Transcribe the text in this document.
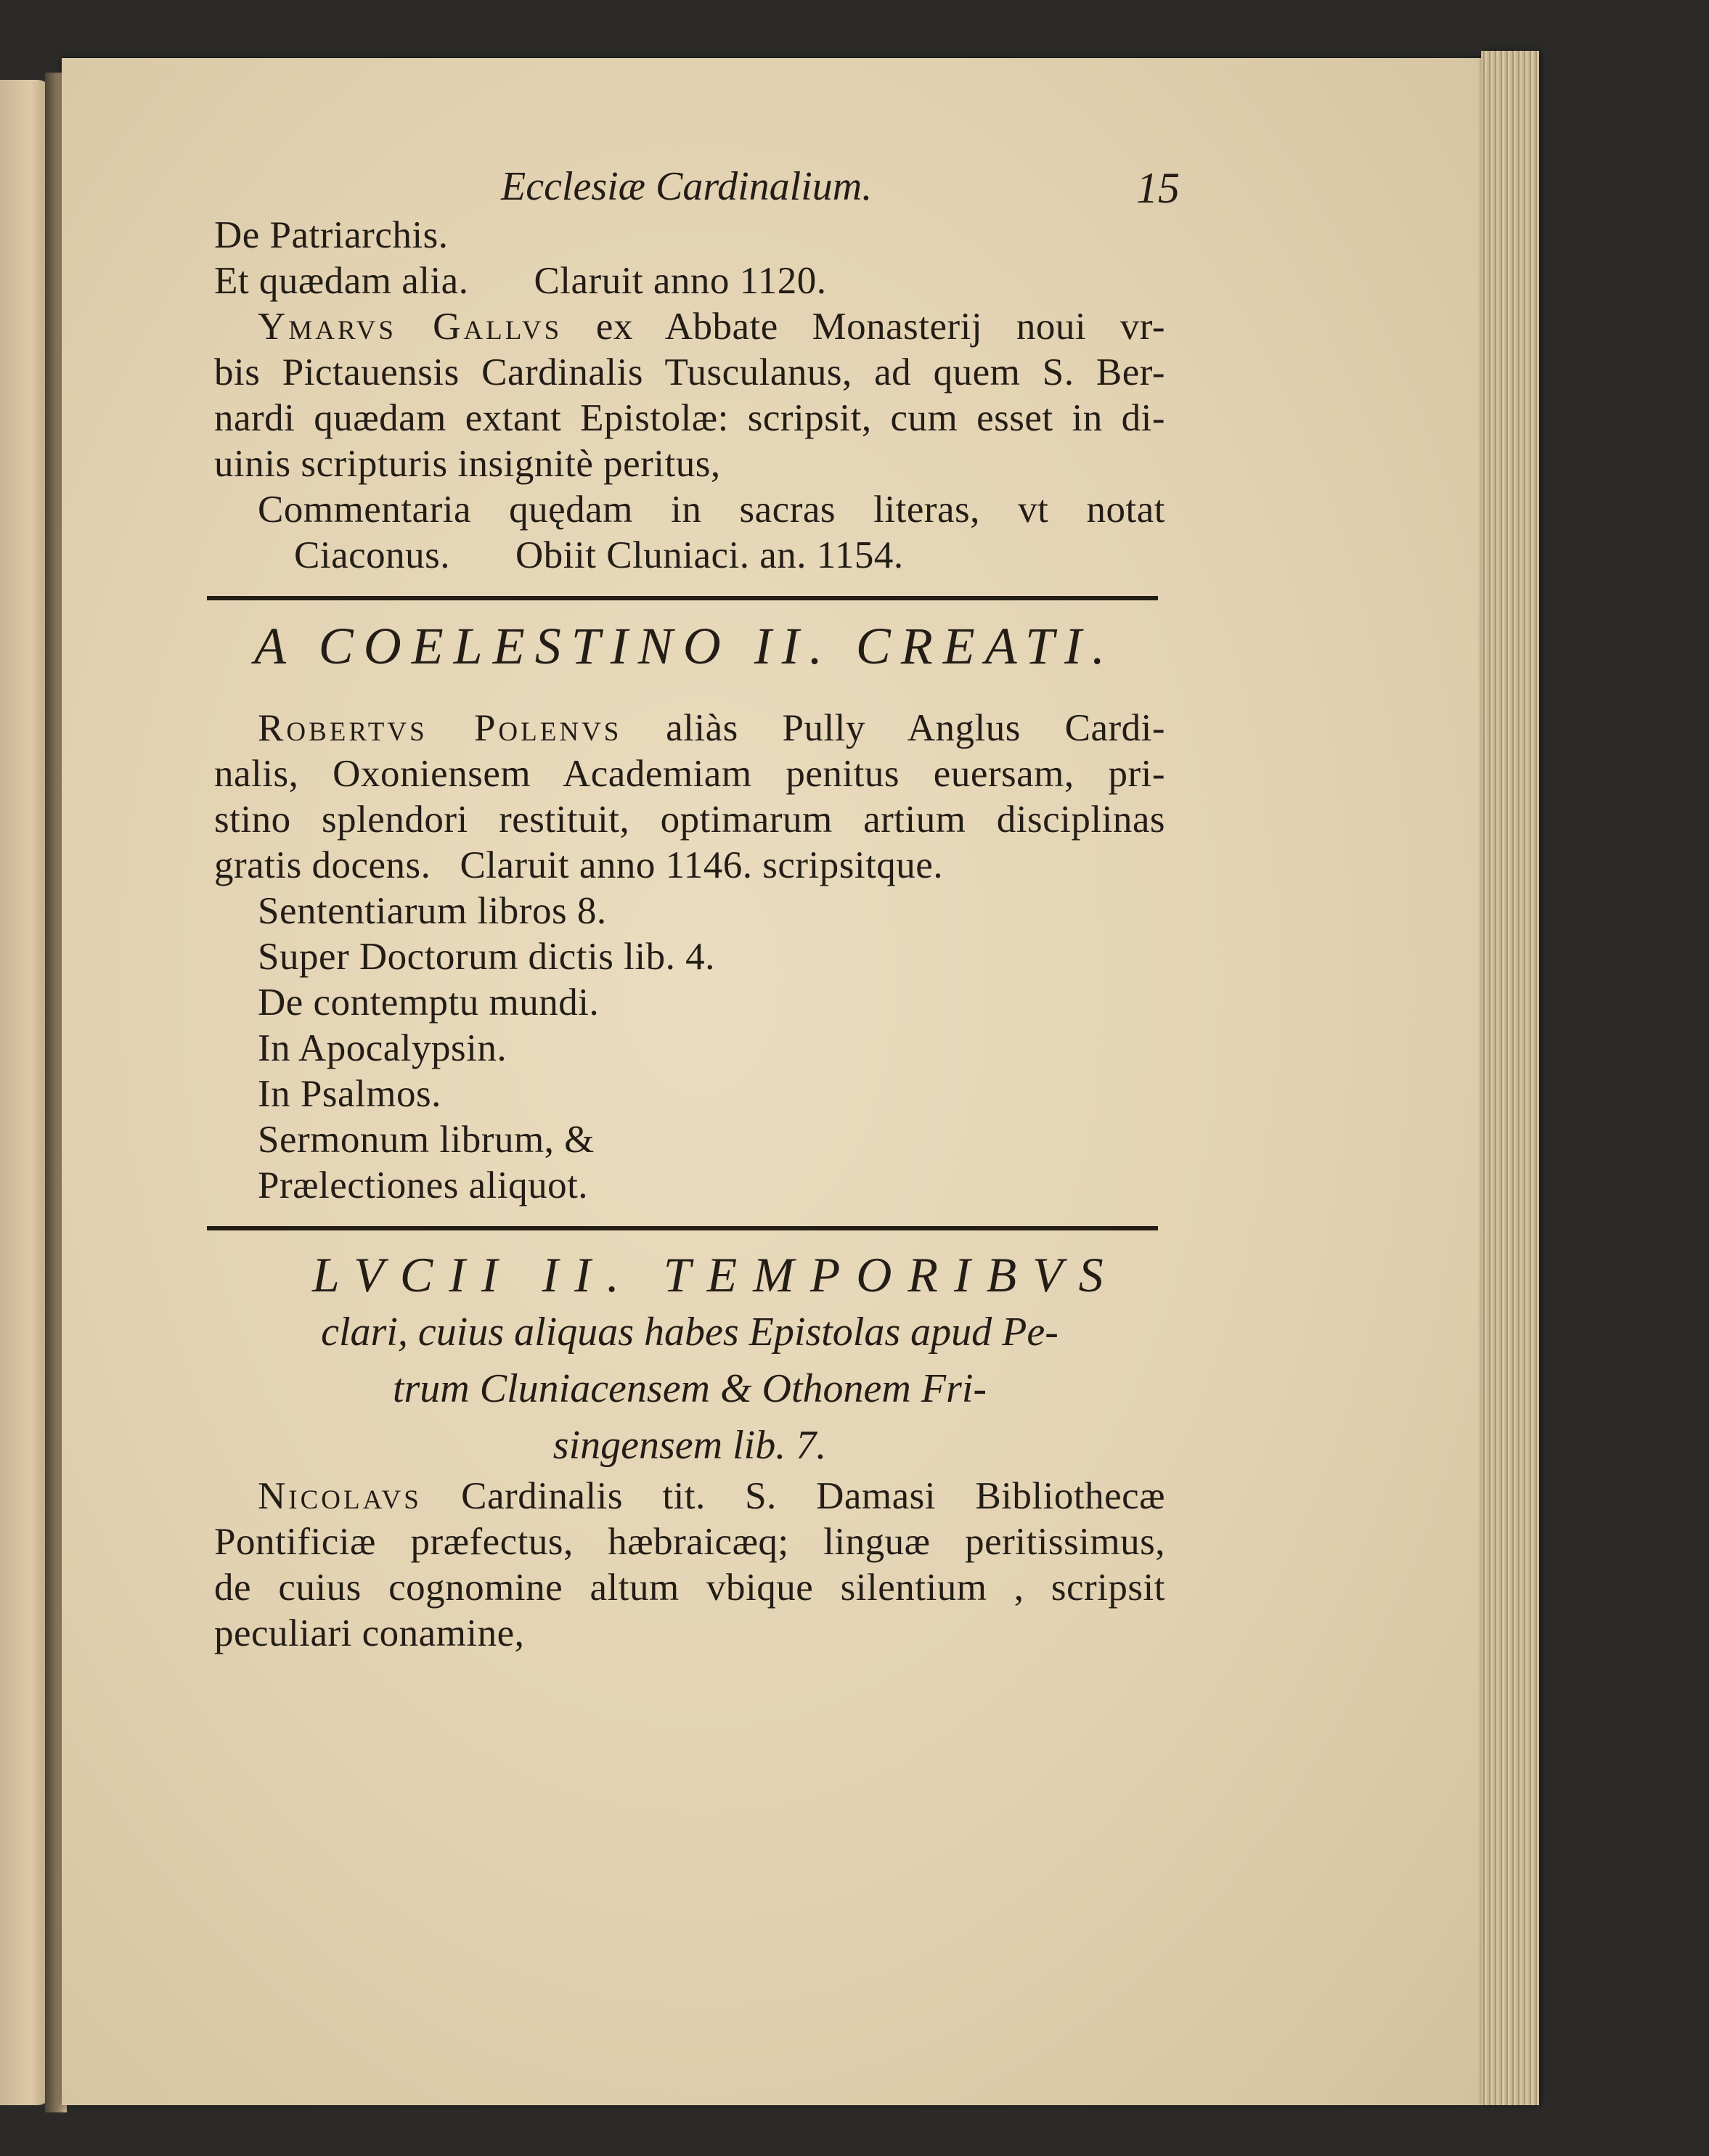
Ecclesiæ Cardinalium.	15
De Patriarchis.
Et quædam alia. Claruit anno 1120.
Ymarvs Gallvs ex Abbate Monasterij noui vr-
bis Pictauensis Cardinalis Tusculanus, ad quem S. Ber-
nardi quædam extant Epistolæ: scripsit, cum esset in di-
uinis scripturis insignitè peritus,
Commentaria quędam in sacras literas, vt notat
Ciaconus. Obiit Cluniaci. an. 1154.
A COELESTINO II. CREATI.
Robertvs Polenvs aliàs Pully Anglus Cardi-
nalis, Oxoniensem Academiam penitus euersam, pri-
stino splendori restituit, optimarum artium disciplinas
gratis docens. Claruit anno 1146. scripsitque.
Sententiarum libros 8.
Super Doctorum dictis lib. 4.
De contemptu mundi.
In Apocalypsin.
In Psalmos.
Sermonum librum, &
Prælectiones aliquot.
LVCII II. TEMPORIBVS
clari, cuius aliquas habes Epistolas apud Pe-
trum Cluniacensem & Othonem Fri-
singensem lib. 7.
Nicolavs Cardinalis tit. S. Damasi Bibliothecæ
Pontificiæ præfectus, hæbraicæq; linguæ peritissimus,
de cuius cognomine altum vbique silentium , scripsit
peculiari conamine,
